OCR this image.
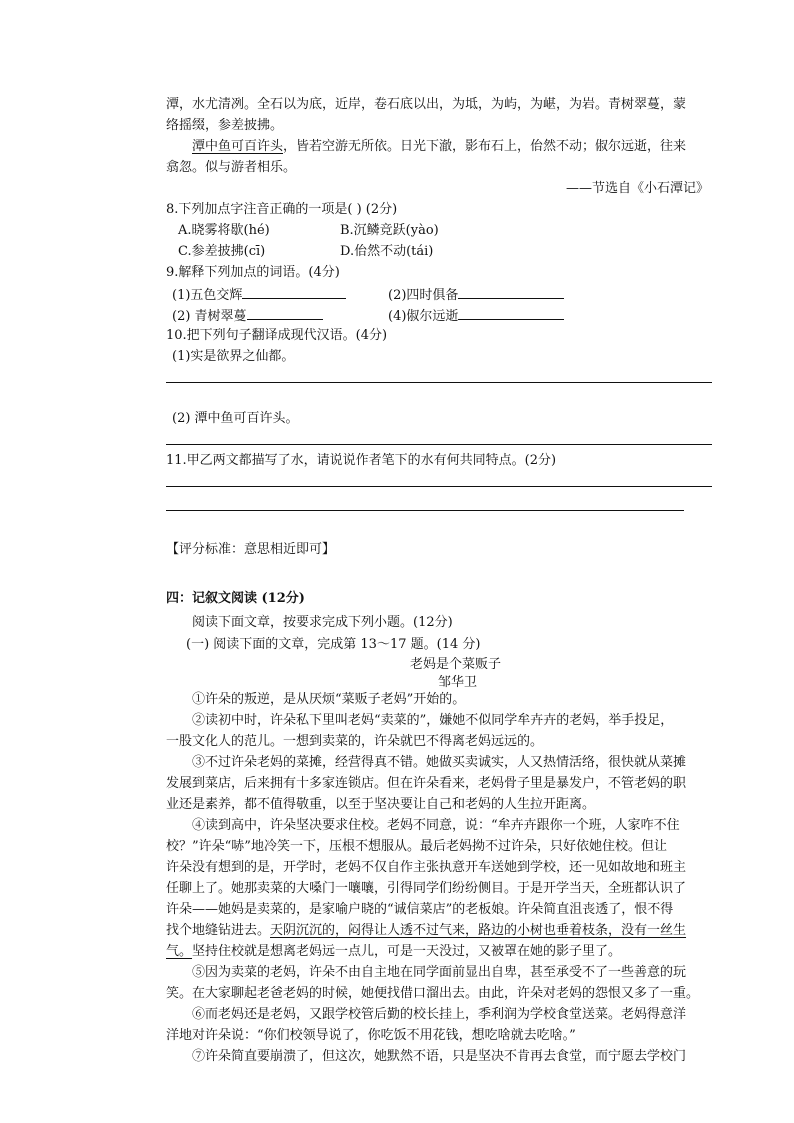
潭，水尤清冽。全石以为底，近岸，卷石底以出，为坻，为屿，为嵁，为岩。青树翠蔓，蒙
络摇缀，参差披拂。
潭中鱼可百许头，皆若空游无所依。日光下澈，影布石上，佁然不动；俶尔远逝，往来
翕忽。似与游者相乐。
——节选自《小石潭记》
8.下列加点字注音正确的一项是( ) (2分)
A.晓雾将歇(hé)	B.沉鳞竞跃(yào)
C.参差披拂(cī)	D.佁然不动(tái)
9.解释下列加点的词语。(4分)
(1)五色交辉	(2)四时俱备
(2) 青树翠蔓	(4)俶尔远逝
10.把下列句子翻译成现代汉语。(4分)
(1)实是欲界之仙都。
(2) 潭中鱼可百许头。
11.甲乙两文都描写了水，请说说作者笔下的水有何共同特点。(2分)
【评分标准：意思相近即可】
四：记叙文阅读 (12分)
阅读下面文章，按要求完成下列小题。(12分)
(一) 阅读下面的文章，完成第 13～17 题。(14 分)
老妈是个菜贩子
邹华卫
①许朵的叛逆，是从厌烦“菜贩子老妈”开始的。
②读初中时，许朵私下里叫老妈“卖菜的”，嫌她不似同学牟卉卉的老妈，举手投足，
一股文化人的范儿。一想到卖菜的，许朵就巴不得离老妈远远的。
③不过许朵老妈的菜摊，经营得真不错。她做买卖诚实，人又热情活络，很快就从菜摊
发展到菜店，后来拥有十多家连锁店。但在许朵看来，老妈骨子里是暴发户，不管老妈的职
业还是素养，都不值得敬重，以至于坚决要让自己和老妈的人生拉开距离。
④读到高中，许朵坚决要求住校。老妈不同意，说：“牟卉卉跟你一个班，人家咋不住
校？”许朵“哧”地冷笑一下，压根不想服从。最后老妈拗不过许朵，只好依她住校。但让
许朵没有想到的是，开学时，老妈不仅自作主张执意开车送她到学校，还一见如故地和班主
任聊上了。她那卖菜的大嗓门一嚷嚷，引得同学们纷纷侧目。于是开学当天，全班都认识了
许朵——她妈是卖菜的，是家喻户晓的“诚信菜店”的老板娘。许朵简直沮丧透了，恨不得
找个地缝钻进去。天阴沉沉的，闷得让人透不过气来，路边的小树也垂着枝条，没有一丝生
气。坚持住校就是想离老妈远一点儿，可是一天没过，又被罩在她的影子里了。
⑤因为卖菜的老妈，许朵不由自主地在同学面前显出自卑，甚至承受不了一些善意的玩
笑。在大家聊起老爸老妈的时候，她便找借口溜出去。由此，许朵对老妈的怨恨又多了一重。
⑥而老妈还是老妈，又跟学校管后勤的校长挂上，季利润为学校食堂送菜。老妈得意洋
洋地对许朵说：“你们校领导说了，你吃饭不用花钱，想吃啥就去吃啥。”
⑦许朵简直要崩溃了，但这次，她默然不语，只是坚决不肯再去食堂，而宁愿去学校门
